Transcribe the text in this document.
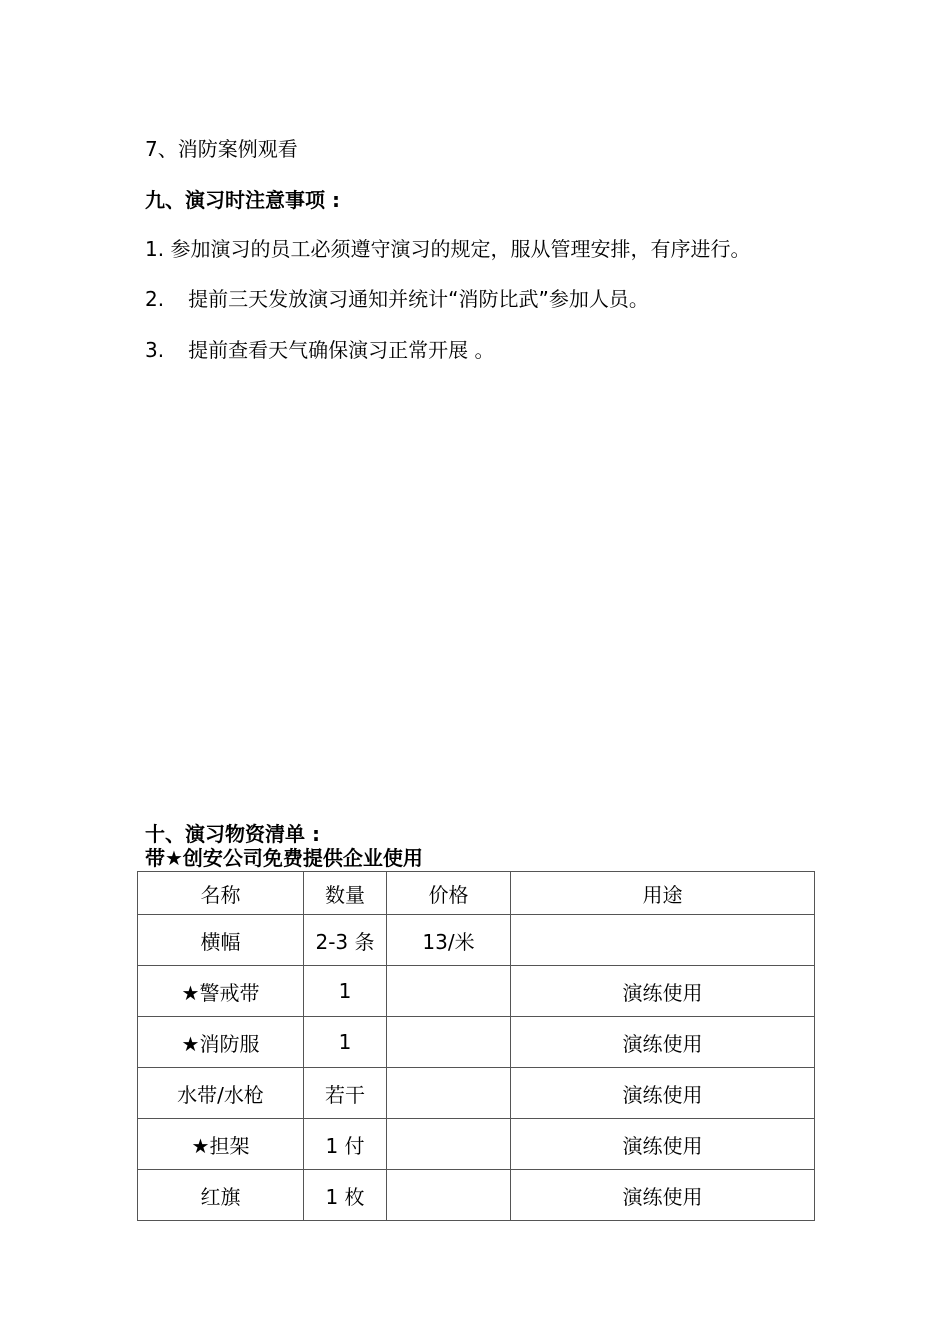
7、消防案例观看
九、演习时注意事项 :
1. 参加演习的员工必须遵守演习的规定，服从管理安排，有序进行。
2. 提前三天发放演习通知并统计“消防比武”参加人员。
3. 提前查看天气确保演习正常开展 。
十、演习物资清单 :
带★创安公司免费提供企业使用
名称	数量	价格	用途
横幅	2-3 条	13/米	
★警戒带	1		演练使用
★消防服	1		演练使用
水带/水枪	若干		演练使用
★担架	1 付		演练使用
红旗	1 枚		演练使用
